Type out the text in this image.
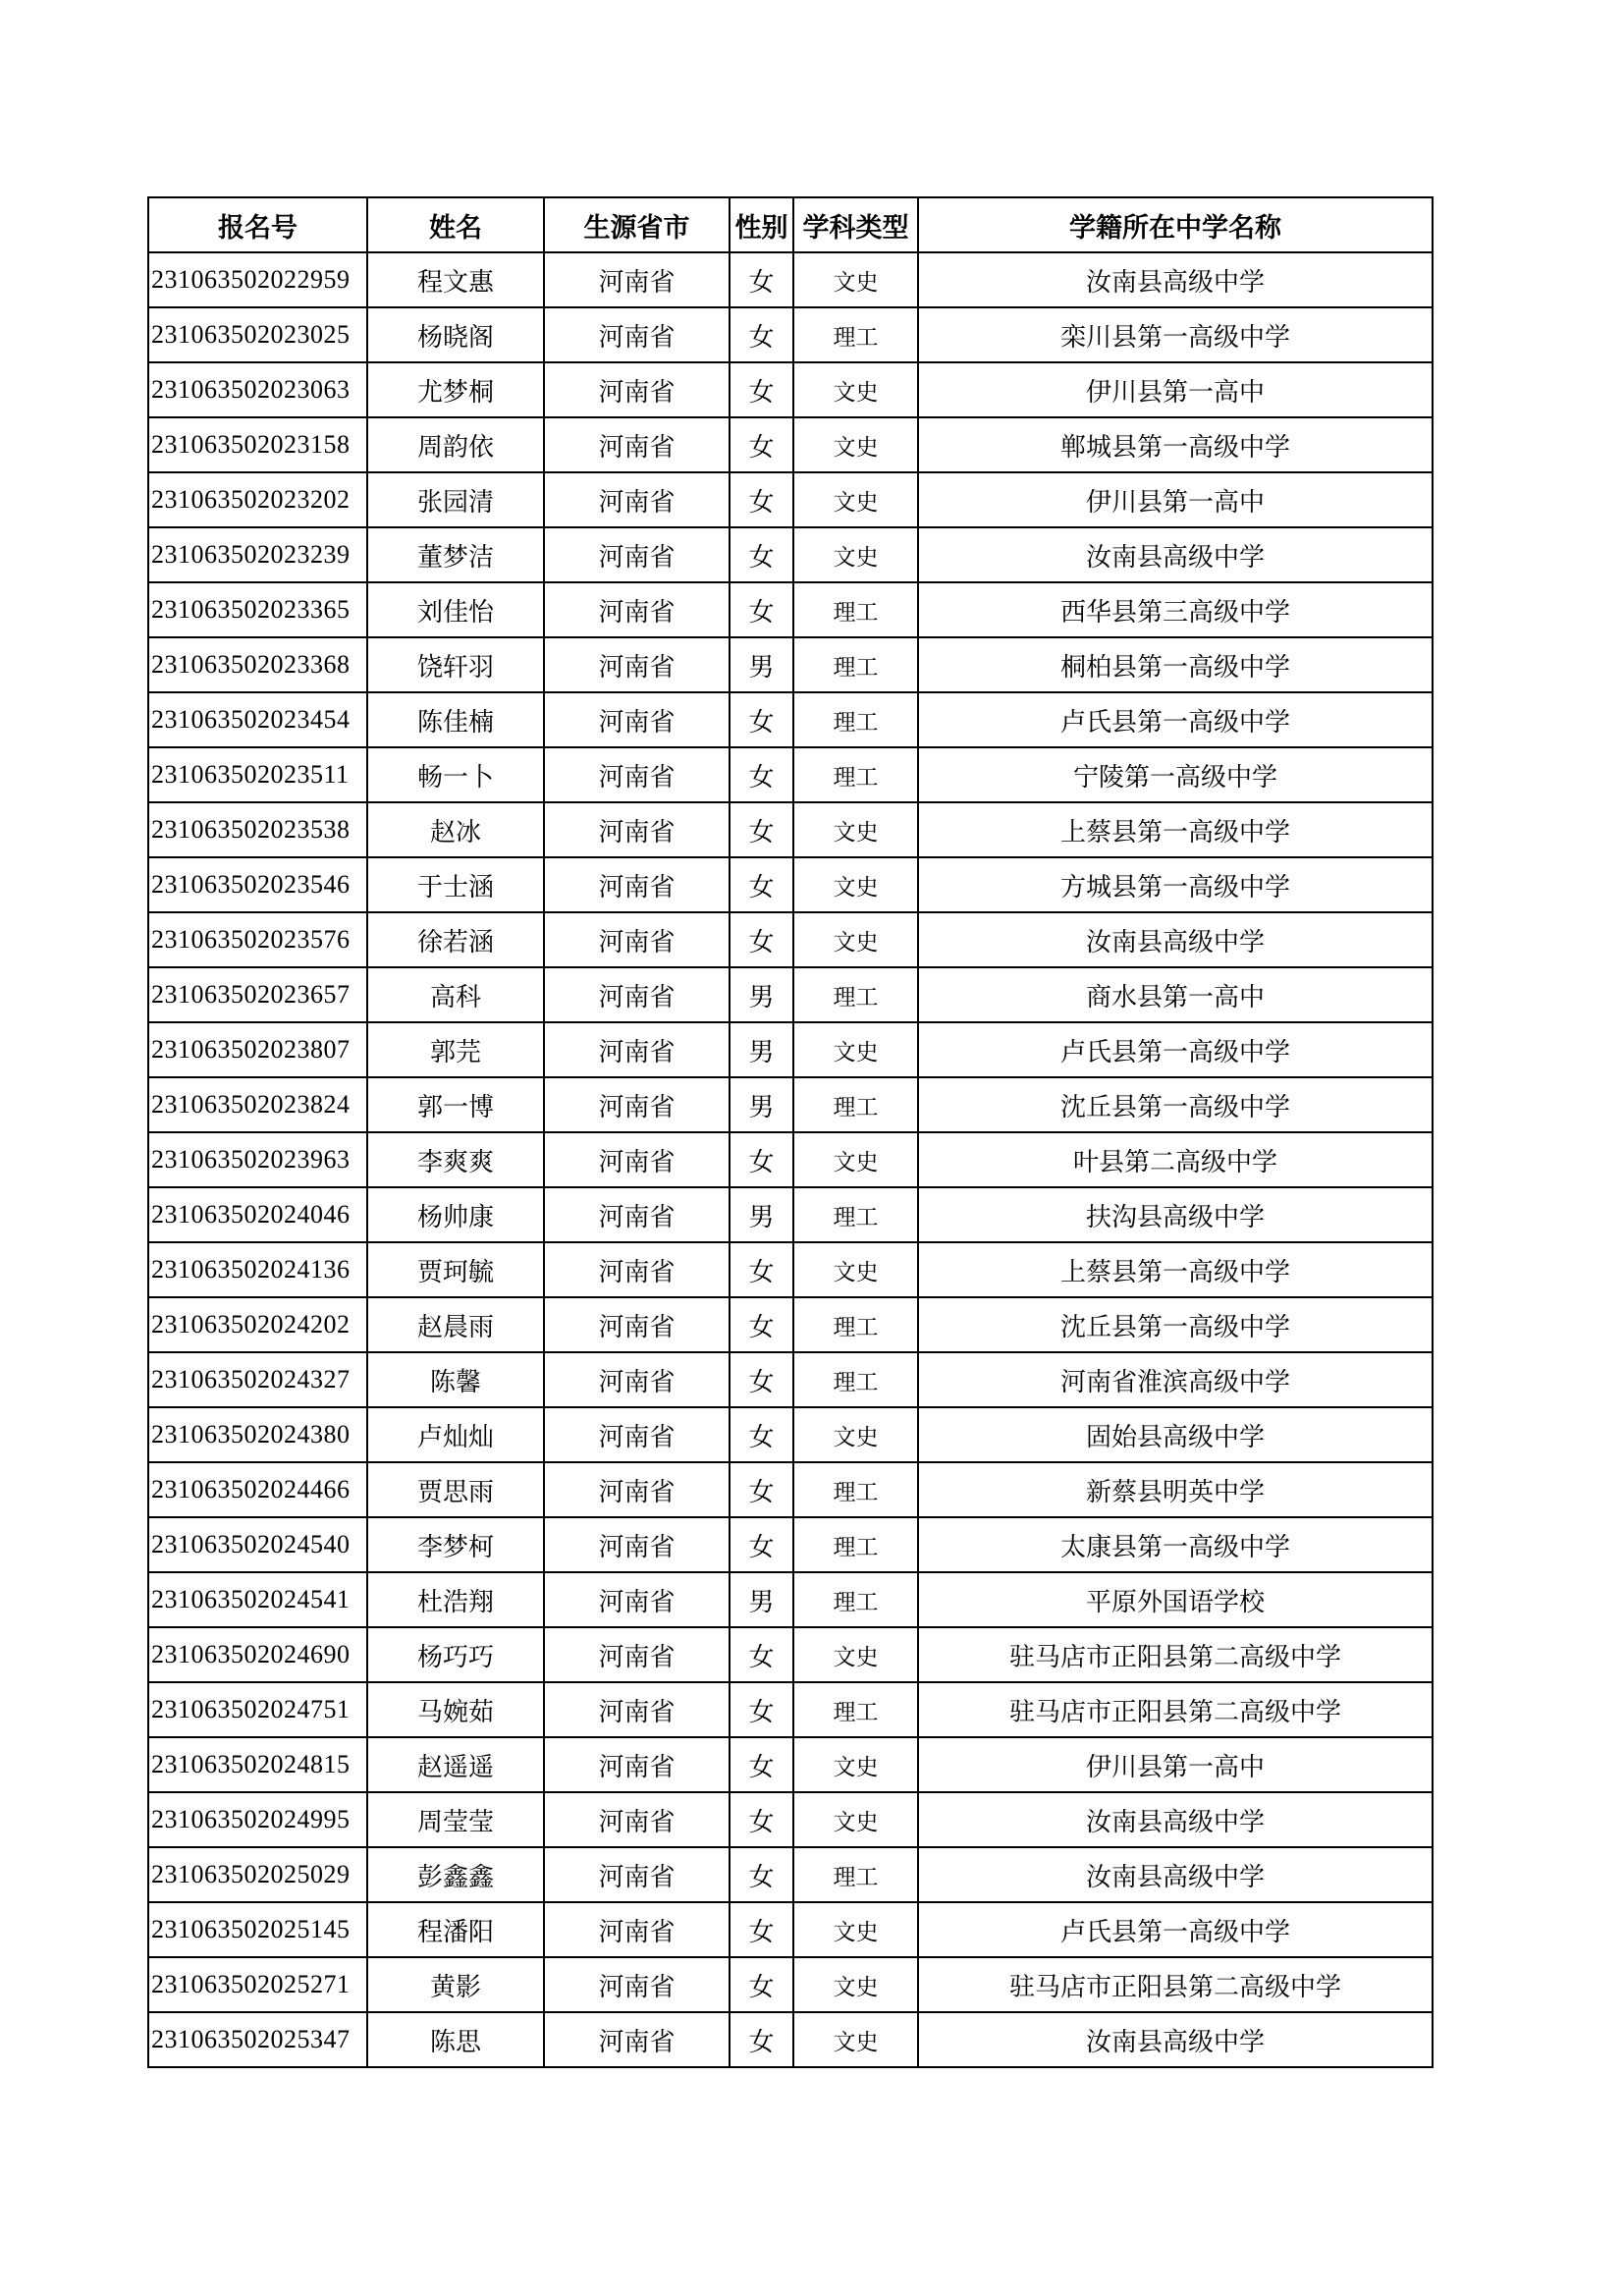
报名号	姓名	生源省市	性别	学科类型	学籍所在中学名称
231063502022959	程文惠	河南省	女	文史	汝南县高级中学
231063502023025	杨晓阁	河南省	女	理工	栾川县第一高级中学
231063502023063	尤梦桐	河南省	女	文史	伊川县第一高中
231063502023158	周韵依	河南省	女	文史	郸城县第一高级中学
231063502023202	张园清	河南省	女	文史	伊川县第一高中
231063502023239	董梦洁	河南省	女	文史	汝南县高级中学
231063502023365	刘佳怡	河南省	女	理工	西华县第三高级中学
231063502023368	饶轩羽	河南省	男	理工	桐柏县第一高级中学
231063502023454	陈佳楠	河南省	女	理工	卢氏县第一高级中学
231063502023511	畅一卜	河南省	女	理工	宁陵第一高级中学
231063502023538	赵冰	河南省	女	文史	上蔡县第一高级中学
231063502023546	于士涵	河南省	女	文史	方城县第一高级中学
231063502023576	徐若涵	河南省	女	文史	汝南县高级中学
231063502023657	高科	河南省	男	理工	商水县第一高中
231063502023807	郭芫	河南省	男	文史	卢氏县第一高级中学
231063502023824	郭一博	河南省	男	理工	沈丘县第一高级中学
231063502023963	李爽爽	河南省	女	文史	叶县第二高级中学
231063502024046	杨帅康	河南省	男	理工	扶沟县高级中学
231063502024136	贾珂毓	河南省	女	文史	上蔡县第一高级中学
231063502024202	赵晨雨	河南省	女	理工	沈丘县第一高级中学
231063502024327	陈馨	河南省	女	理工	河南省淮滨高级中学
231063502024380	卢灿灿	河南省	女	文史	固始县高级中学
231063502024466	贾思雨	河南省	女	理工	新蔡县明英中学
231063502024540	李梦柯	河南省	女	理工	太康县第一高级中学
231063502024541	杜浩翔	河南省	男	理工	平原外国语学校
231063502024690	杨巧巧	河南省	女	文史	驻马店市正阳县第二高级中学
231063502024751	马婉茹	河南省	女	理工	驻马店市正阳县第二高级中学
231063502024815	赵遥遥	河南省	女	文史	伊川县第一高中
231063502024995	周莹莹	河南省	女	文史	汝南县高级中学
231063502025029	彭鑫鑫	河南省	女	理工	汝南县高级中学
231063502025145	程潘阳	河南省	女	文史	卢氏县第一高级中学
231063502025271	黄影	河南省	女	文史	驻马店市正阳县第二高级中学
231063502025347	陈思	河南省	女	文史	汝南县高级中学
